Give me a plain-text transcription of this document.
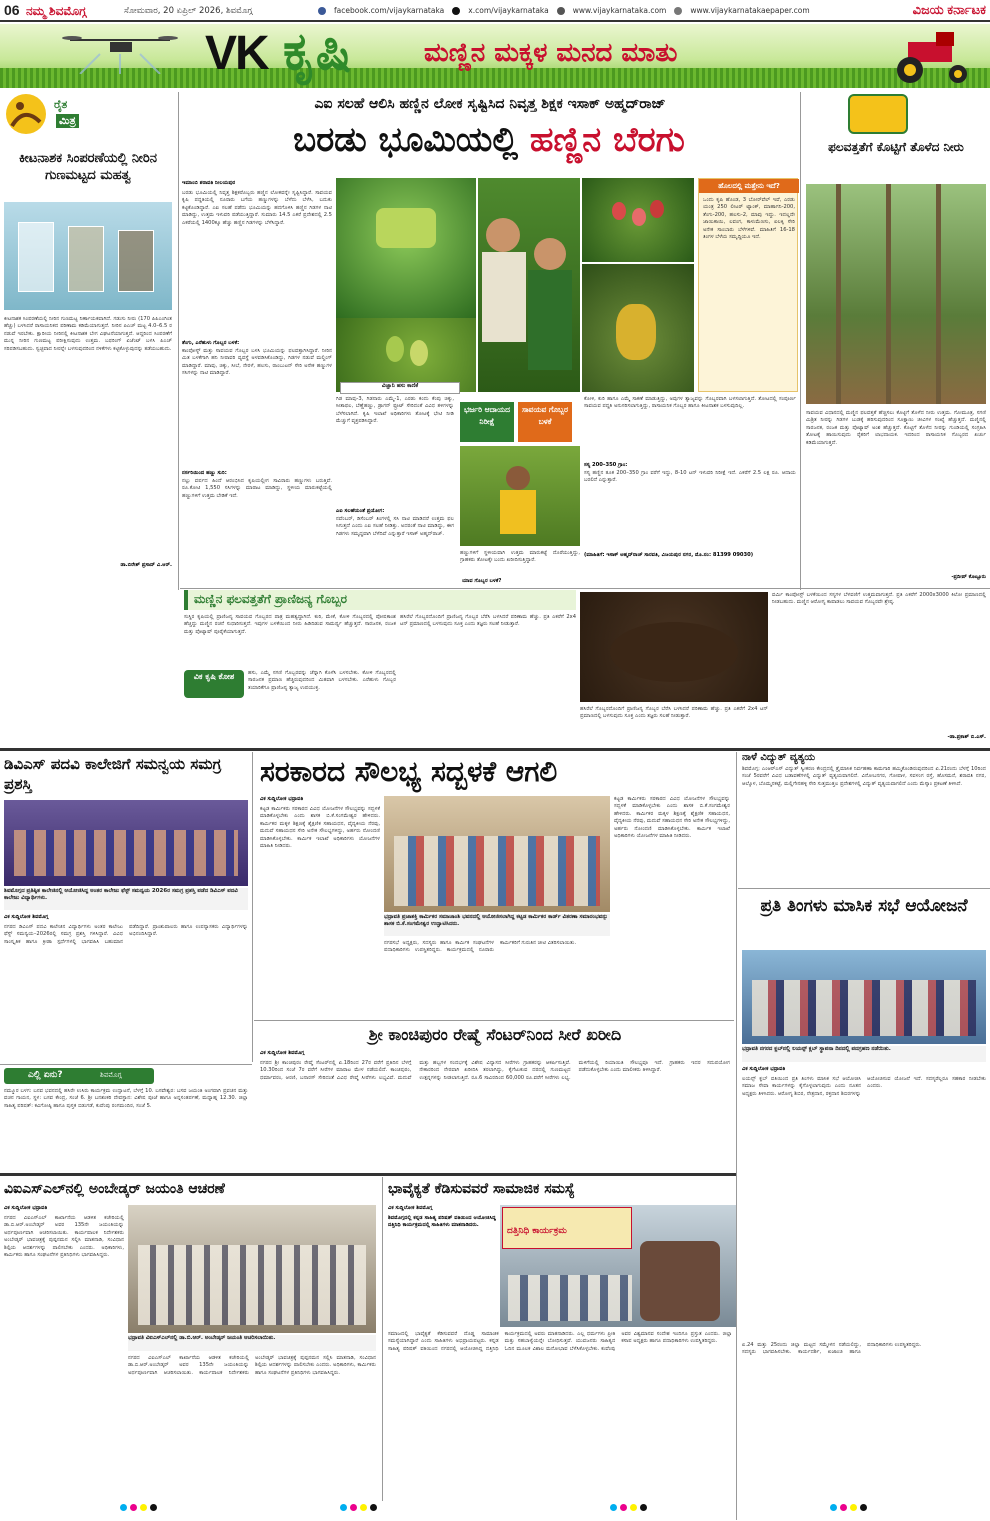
06 ನಮ್ಮ ಶಿವಮೊಗ್ಗ	ಸೋಮವಾರ, 20 ಏಪ್ರಿಲ್ 2026, ಶಿವಮೊಗ್ಗ	facebook.com/vijaykarnataka	x.com/vijaykarnataka	www.vijaykarnataka.com	www.vijaykarnatakaepaper.com	ವಿಜಯ ಕರ್ನಾಟಕ
VK ಕೃಷಿ	ಮಣ್ಣಿನ ಮಕ್ಕಳ ಮನದ ಮಾತು
ರೈತ
ಮಿತ್ರ
ಕೀಟನಾಶಕ ಸಿಂಪರಣೆಯಲ್ಲಿ ನೀರಿನ ಗುಣಮಟ್ಟದ ಮಹತ್ವ
ಕೀಟನಾಶಕ ಸಿಂಪರಣೆಯಲ್ಲಿ ನೀರಿನ ಗುಣಮಟ್ಟ ನಿರ್ಣಾಯಕವಾಗಿದೆ. ಗಡುಸು ನೀರು (170 ಪಿಪಿಎಂಗಿಂತ ಹೆಚ್ಚು) ಬಳಸಿದರೆ ರಾಸಾಯನಿಕದ ಪರಿಣಾಮ ಕಡಿಮೆಯಾಗುತ್ತದೆ. ನೀರಿನ ಪಿಎಚ್ ಮಟ್ಟ 4.0–6.5 ರ ನಡುವೆ ಇರಬೇಕು. ಕ್ಷಾರೀಯ ನೀರಿನಲ್ಲಿ ಕೀಟನಾಶಕ ಬೇಗ ವಿಘಟನೆಯಾಗುತ್ತದೆ. ಆದ್ದರಿಂದ ಸಿಂಪರಣೆಗೆ ಮುನ್ನ ನೀರಿನ ಗುಣಮಟ್ಟ ಪರೀಕ್ಷಿಸುವುದು ಉತ್ತಮ. ಬಫರಿಂಗ್ ಏಜೆಂಟ್ ಬಳಸಿ ಪಿಎಚ್ ಸರಿಪಡಿಸಬಹುದು. ಸ್ವಚ್ಛವಾದ ನೀರನ್ನೇ ಬಳಸುವುದರಿಂದ ನಳಿಕೆಗಳು ಕಟ್ಟಿಕೊಳ್ಳುವುದನ್ನು ತಡೆಯಬಹುದು.
ಡಾ.ಬಿರೇಶ್ ಪ್ರಸಾದ್ ವಿ.ಆರ್.
ಎಐ ಸಲಹೆ ಆಲಿಸಿ ಹಣ್ಣಿನ ಲೋಕ ಸೃಷ್ಟಿಸಿದ ನಿವೃತ್ತ ಶಿಕ್ಷಕ ಇಸಾಕ್ ಅಹ್ಮದ್‌ರಾಜ್
ಬರಡು ಭೂಮಿಯಲ್ಲಿ ಹಣ್ಣಿನ ಬೆರಗು
ಇಮಾಂಬಿ ಶರಾವತಿ ನೀಲಯಪುರ
ಬರಡು ಭೂಮಿಯಲ್ಲಿ ನಿವೃತ್ತ ಶಿಕ್ಷಕರೊಬ್ಬರು ಹಣ್ಣಿನ ಲೋಕವನ್ನೇ ಸೃಷ್ಟಿಸಿದ್ದಾರೆ. ಸಾವಯವ ಕೃಷಿ ಪದ್ಧತಿಯಲ್ಲಿ ನೂರಾರು ಬಗೆಯ ಹಣ್ಣುಗಳನ್ನು ಬೆಳೆದು ಬೆಳೆಸಿ, ಬದುಕು ಕಟ್ಟಿಕೊಂಡಿದ್ದಾರೆ. ಎಐ ಸಲಹೆ ಪಡೆದು ಭೂಮಿಯನ್ನು ಹದಗೊಳಿಸಿ ಹಣ್ಣಿನ ಗಿಡಗಳ ನಾಟಿ ಮಾಡಿದ್ದು, ಉತ್ತಮ ಇಳುವರಿ ಪಡೆಯುತ್ತಿದ್ದಾರೆ. ಸುಮಾರು 14.5 ಎಕರೆ ಪ್ರದೇಶದಲ್ಲಿ 2.5 ಎಕರೆಯಲ್ಲಿ 1400ಕ್ಕೂ ಹೆಚ್ಚು ಹಣ್ಣಿನ ಗಿಡಗಳನ್ನು ಬೆಳೆಸಿದ್ದಾರೆ.
ತೆಂಗು, ಎರೆಹುಳು ಗೊಬ್ಬರ ಬಳಕೆ:
ಕಾಂಪೋಸ್ಟ್ ಮತ್ತು ಸಾವಯವ ಗೊಬ್ಬರ ಬಳಸಿ ಭೂಮಿಯನ್ನು ಫಲವತ್ತಾಗಿಸಿದ್ದಾರೆ. ನೀರಿನ ಮಿತ ಬಳಕೆಗಾಗಿ ಹನಿ ನೀರಾವರಿ ವ್ಯವಸ್ಥೆ ಅಳವಡಿಸಿಕೊಂಡಿದ್ದು, ಗಿಡಗಳ ನಡುವೆ ಮಲ್ಚಿಂಗ್ ಮಾಡಿದ್ದಾರೆ. ಮಾವು, ಚಿಕ್ಕು, ಸೀಬೆ, ನೇರಳೆ, ಹಲಸು, ರಾಂಬುಟನ್ ಸೇರಿ ಅನೇಕ ಹಣ್ಣುಗಳ ಸಸಿಗಳನ್ನು ನಾಟಿ ಮಾಡಿದ್ದಾರೆ.
ನರ್ಸರಿಯಿಂದ ಹಣ್ಣು ಸುರಿ:
ನಲ್ಲು ವರ್ಷದ ಹಿಂದೆ ಆರಂಭಿಸಿದ ಕೃಷಿಯಲ್ಲೀಗ ಸಾವಿರಾರು ಹಣ್ಣುಗಳು ಬರುತ್ತಿವೆ. ರೂ.ಕೋಟಿ 1,550 ಸಸಿಗಳನ್ನು ಮಾರಾಟ ಮಾಡಿದ್ದು, ಸ್ಥಳೀಯ ಮಾರುಕಟ್ಟೆಯಲ್ಲಿ ಹಣ್ಣುಗಳಿಗೆ ಉತ್ತಮ ಬೇಡಿಕೆ ಇದೆ.
ವಿಜ್ಞಾನಿ ಹಸು ಕಾಣಿಕೆ
ಹೊಲದಲ್ಲಿ ಮತ್ತೇನು ಇದೆ?
ಒಂದು ಕೃಷಿ ಹೊಂಡ, 3 ಬೋರ್‌ವೆಲ್ ಇವೆ, ಎರಡು ಯಂತ್ರ 250 ಲೀಟರ್ ಟ್ಯಾಂಕ್, ಮಾಹಾಗನಿ-200, ತೆಂಗು-200, ಹಲಸು-2, ಮಾವು ಇದ್ದು. ಇದಲ್ಲದೇ ಜಾಯಿಕಾಯಿ, ಲವಂಗ, ಕಾಳುಮೆಣಸು, ಏಲಕ್ಕಿ ಸೇರಿ ಅನೇಕ ಸಾಂಬಾರು ಬೆಳೆಗಳಿವೆ. ಮಾಹಿತಿಗೆ 16-18 ತಿಂಗಳ ಬೆಳೆಯ ಸಮೃದ್ಧಿಯೂ ಇದೆ.
ಗಿಡ ಮಾವು-3, ಗಿಡನಾರು ಎಮ್ಮೆ-1, ಎರಡು ಕಂದು ಕೆಂಪು ಚಿಕ್ಕು, ಸೀತಾಫಲ, ಬೆಣ್ಣೆಹಣ್ಣು, ಡ್ರಾಗನ್ ಫ್ರೂಟ್ ಸೇರಿದಂತೆ ವಿವಿಧ ತಳಿಗಳನ್ನು ಬೆಳೆಸಲಾಗಿದೆ. ಕೃಷಿ ಇಲಾಖೆ ಅಧಿಕಾರಿಗಳು ತೋಟಕ್ಕೆ ಭೇಟಿ ನೀಡಿ ಮೆಚ್ಚುಗೆ ವ್ಯಕ್ತಪಡಿಸಿದ್ದಾರೆ.
ಎಐ ಸಲಹೆಯಂತೆ ಪ್ರಯೋಗ:
ನವೆಂಬರ್, ಡಿಸೆಂಬರ್ ತಿಂಗಳಲ್ಲಿ ಸಸಿ ನಾಟಿ ಮಾಡಿದರೆ ಉತ್ತಮ ಫಲ ಸಿಗುತ್ತದೆ ಎಂದು ಎಐ ಸಲಹೆ ನೀಡಿತ್ತು. ಅದರಂತೆ ನಾಟಿ ಮಾಡಿದ್ದು, ಈಗ ಗಿಡಗಳು ಸಮೃದ್ಧವಾಗಿ ಬೆಳೆದಿವೆ ಎನ್ನುತ್ತಾರೆ ಇಸಾಕ್ ಅಹ್ಮದ್‌ರಾಜ್.
ಭರ್ಜರಿ ಆದಾಯದ ನಿರೀಕ್ಷೆ
ಸಾವಯವ ಗೊಬ್ಬರ ಬಳಕೆ
ಹಣ್ಣುಗಳಿಗೆ ಸ್ಥಳೀಯವಾಗಿ ಉತ್ತಮ ಮಾರುಕಟ್ಟೆ ದೊರೆಯುತ್ತಿದ್ದು, ಗ್ರಾಹಕರು ತೋಟಕ್ಕೇ ಬಂದು ಖರೀದಿಸುತ್ತಿದ್ದಾರೆ.
ಯಾವ ಗೊಬ್ಬರ ಬಳಕೆ?
ಕೋಳಿ, ಕುರಿ ಹಾಗೂ ಎಮ್ಮೆ ಸಾಕಣೆ ಮಾಡುತ್ತಿದ್ದು, ಅವುಗಳ ತ್ಯಾಜ್ಯವನ್ನು ಗೊಬ್ಬರವಾಗಿ ಬಳಸಲಾಗುತ್ತಿದೆ. ತೋಟದಲ್ಲಿ ಸಂಪೂರ್ಣ ಸಾವಯವ ಪದ್ಧತಿ ಅನುಸರಿಸಲಾಗುತ್ತಿದ್ದು, ರಾಸಾಯನಿಕ ಗೊಬ್ಬರ ಹಾಗೂ ಕೀಟನಾಶಕ ಬಳಸುವುದಿಲ್ಲ.
ಸಸ್ಯ 200–350 ಗ್ರಾಂ:
ಸಸ್ಯ ಹಣ್ಣಿನ ತೂಕ 200–350 ಗ್ರಾಂ ವರೆಗೆ ಇದ್ದು, 8-10 ಟನ್ ಇಳುವರಿ ನಿರೀಕ್ಷೆ ಇದೆ. ಎಕರೆಗೆ 2.5 ಲಕ್ಷ ರೂ. ಆದಾಯ ಬರಲಿದೆ ಎನ್ನುತ್ತಾರೆ.
(ಮಾಹಿತಿಗೆ: ಇಸಾಕ್ ಅಹ್ಮದ್‌ರಾಜ್ ಸಾರವತಿ, ವಿಜಯಪುರ ನಗರ, ಮೊ.ನಂ: 81399 09030)
ಫಲವತ್ತತೆಗೆ ಕೊಟ್ಟಿಗೆ ತೊಳೆದ ನೀರು
ಸಾವಯವ ವಿಧಾನದಲ್ಲಿ ಮಣ್ಣಿನ ಫಲವತ್ತತೆ ಹೆಚ್ಚಿಸಲು ಕೊಟ್ಟಿಗೆ ತೊಳೆದ ನೀರು ಉತ್ತಮ. ಗೋಮೂತ್ರ, ಸಗಣಿ ಮಿಶ್ರಿತ ನೀರನ್ನು ಗಿಡಗಳ ಬುಡಕ್ಕೆ ಹರಿಸುವುದರಿಂದ ಸೂಕ್ಷ್ಮಾಣು ಜೀವಿಗಳ ಸಂಖ್ಯೆ ಹೆಚ್ಚುತ್ತದೆ. ಮಣ್ಣಿನಲ್ಲಿ ಸಾರಜನಕ, ರಂಜಕ ಮತ್ತು ಪೊಟ್ಯಾಷ್ ಅಂಶ ಹೆಚ್ಚುತ್ತದೆ. ಕೊಟ್ಟಿಗೆ ತೊಳೆದ ನೀರನ್ನು ಗುಂಡಿಯಲ್ಲಿ ಸಂಗ್ರಹಿಸಿ ತೋಟಕ್ಕೆ ಹಾಯಿಸುವುದು ರೈತರಿಗೆ ಲಾಭದಾಯಕ. ಇದರಿಂದ ರಾಸಾಯನಿಕ ಗೊಬ್ಬರದ ಖರ್ಚು ಕಡಿಮೆಯಾಗುತ್ತದೆ.
-ಪ್ರದೀಪ್ ಕೊಟ್ಟೂರು
ಮಣ್ಣಿನ ಫಲವತ್ತತೆಗೆ ಪ್ರಾಣಿಜನ್ಯ ಗೊಬ್ಬರ
ಸುಸ್ಥಿರ ಕೃಷಿಯಲ್ಲಿ ಪ್ರಾಣಿಜನ್ಯ ಸಾವಯವ ಗೊಬ್ಬರದ ಪಾತ್ರ ಮಹತ್ವದ್ದಾಗಿದೆ. ಕುರಿ, ಮೇಕೆ, ಕೋಳಿ ಗೊಬ್ಬರದಲ್ಲಿ ಪೋಷಕಾಂಶ ಹೆಚ್ಚಿದ್ದು ಮಣ್ಣಿನ ರಚನೆ ಸುಧಾರಿಸುತ್ತದೆ. ಇವುಗಳ ಬಳಕೆಯಿಂದ ನೀರು ಹಿಡಿದಿಡುವ ಸಾಮರ್ಥ್ಯ ಹೆಚ್ಚುತ್ತದೆ. ಸಾರಜನಕ, ರಂಜಕ ಮತ್ತು ಪೊಟ್ಯಾಷ್ ಪೂರೈಕೆಯಾಗುತ್ತದೆ.
ವಿಕ ಕೃಷಿ ಕೋಶ	ಹಸು, ಎಮ್ಮೆ ಸಗಣಿ ಗೊಬ್ಬರವನ್ನು ಚೆನ್ನಾಗಿ ಕೊಳೆಸಿ ಬಳಸಬೇಕು. ಕೋಳಿ ಗೊಬ್ಬರದಲ್ಲಿ ಸಾರಜನಕ ಪ್ರಮಾಣ ಹೆಚ್ಚಿರುವುದರಿಂದ ಮಿತವಾಗಿ ಬಳಸಬೇಕು. ಎರೆಹುಳು ಗೊಬ್ಬರ ತಯಾರಿಕೆಗೂ ಪ್ರಾಣಿಜನ್ಯ ತ್ಯಾಜ್ಯ ಉಪಯುಕ್ತ.
ಹಸಿರೆಲೆ ಗೊಬ್ಬರದೊಂದಿಗೆ ಪ್ರಾಣಿಜನ್ಯ ಗೊಬ್ಬರ ಬೆರೆಸಿ ಬಳಸಿದರೆ ಪರಿಣಾಮ ಹೆಚ್ಚು. ಪ್ರತಿ ಎಕರೆಗೆ 2x4 ಟನ್ ಪ್ರಮಾಣದಲ್ಲಿ ಬಳಸುವುದು ಸೂಕ್ತ ಎಂದು ತಜ್ಞರು ಸಲಹೆ ನೀಡುತ್ತಾರೆ.
ಹಸಿರೆಲೆ ಗೊಬ್ಬರದೊಂದಿಗೆ ಪ್ರಾಣಿಜನ್ಯ ಗೊಬ್ಬರ ಬೆರೆಸಿ ಬಳಸಿದರೆ ಪರಿಣಾಮ ಹೆಚ್ಚು. ಪ್ರತಿ ಎಕರೆಗೆ 2x4 ಟನ್ ಪ್ರಮಾಣದಲ್ಲಿ ಬಳಸುವುದು ಸೂಕ್ತ ಎಂದು ತಜ್ಞರು ಸಲಹೆ ನೀಡುತ್ತಾರೆ.
ವರ್ಮಿ ಕಾಂಪೋಸ್ಟ್ ಬಳಕೆಯಿಂದ ಸಸ್ಯಗಳ ಬೆಳವಣಿಗೆ ಉತ್ತಮವಾಗುತ್ತದೆ. ಪ್ರತಿ ಎಕರೆಗೆ 2000x3000 ಕಿಲೋ ಪ್ರಮಾಣದಲ್ಲಿ ನೀಡಬಹುದು. ಮಣ್ಣಿನ ಆರೋಗ್ಯ ಕಾಪಾಡಲು ಸಾವಯವ ಗೊಬ್ಬರವೇ ಶ್ರೇಷ್ಠ.
-ಡಾ.ಪ್ರಕಾಶ್ ಬಿ.ಎಸ್.
ಡಿವಿಎಸ್ ಪದವಿ ಕಾಲೇಜಿಗೆ ಸಮನ್ವಯ ಸಮಗ್ರ ಪ್ರಶಸ್ತಿ
ಶಿವಮೊಗ್ಗದ ಪ್ರತಿಷ್ಠಿತ ಕಾಲೇಜಿನಲ್ಲಿ ಆಯೋಜಿಸಿದ್ದ ಅಂತರ ಕಾಲೇಜು ಫೆಸ್ಟ್ ಸಮನ್ವಯ 2026ರ ಸಮಗ್ರ ಪ್ರಶಸ್ತಿ ಪಡೆದ ಡಿವಿಎಸ್ ಪದವಿ ಕಾಲೇಜು ವಿದ್ಯಾರ್ಥಿಗಳು.
ವಿಕ ಸುದ್ದಿಲೋಕ ಶಿವಮೊಗ್ಗ
ನಗರದ ಡಿವಿಎಸ್ ಪದವಿ ಕಾಲೇಜಿನ ವಿದ್ಯಾರ್ಥಿಗಳು ಅಂತರ ಕಾಲೇಜು ಫೆಸ್ಟ್ ಸಮನ್ವಯ–2026ರಲ್ಲಿ ಸಮಗ್ರ ಪ್ರಶಸ್ತಿ ಗಳಿಸಿದ್ದಾರೆ. ವಿವಿಧ ಸಾಂಸ್ಕೃತಿಕ ಹಾಗೂ ಕ್ರೀಡಾ ಸ್ಪರ್ಧೆಗಳಲ್ಲಿ ಭಾಗವಹಿಸಿ ಬಹುಮಾನ ಪಡೆದಿದ್ದಾರೆ. ಪ್ರಾಂಶುಪಾಲರು ಹಾಗೂ ಉಪನ್ಯಾಸಕರು ವಿದ್ಯಾರ್ಥಿಗಳನ್ನು ಅಭಿನಂದಿಸಿದ್ದಾರೆ.
ಸರಕಾರದ ಸೌಲಭ್ಯ ಸದ್ಬಳಕೆ ಆಗಲಿ
ವಿಕ ಸುದ್ದಿಲೋಕ ಭದ್ರಾವತಿ
ಕಟ್ಟಡ ಕಾರ್ಮಿಕರು ಸರಕಾರದ ವಿವಿಧ ಯೋಜನೆಗಳ ಸೌಲಭ್ಯವನ್ನು ಸದ್ಬಳಕೆ ಮಾಡಿಕೊಳ್ಳಬೇಕು ಎಂದು ಶಾಸಕ ಬಿ.ಕೆ.ಸಂಗಮೇಶ್ವರ ಹೇಳಿದರು. ಕಾರ್ಮಿಕರ ಮಕ್ಕಳ ಶಿಕ್ಷಣಕ್ಕೆ ಶೈಕ್ಷಣಿಕ ಸಹಾಯಧನ, ವೈದ್ಯಕೀಯ ನೆರವು, ಮದುವೆ ಸಹಾಯಧನ ಸೇರಿ ಅನೇಕ ಸೌಲಭ್ಯಗಳಿದ್ದು, ಅರ್ಹರು ನೋಂದಣಿ ಮಾಡಿಸಿಕೊಳ್ಳಬೇಕು. ಕಾರ್ಮಿಕ ಇಲಾಖೆ ಅಧಿಕಾರಿಗಳು ಯೋಜನೆಗಳ ಮಾಹಿತಿ ನೀಡಿದರು.
ಭದ್ರಾವತಿ ಪ್ರಜಾಶಕ್ತಿ ಕಾರ್ಮಿಕರ ಸಮಾಜಾಂಶಿ ಭವನದಲ್ಲಿ ಆಯೋಜಿಸಲಾಗಿದ್ದ ಕಟ್ಟಡ ಕಾರ್ಮಿಕರ ಕಾರ್ಡ್ ವಿತರಣಾ ಸಮಾರಂಭವನ್ನು ಶಾಸಕ ಬಿ.ಕೆ.ಸಂಗಮೇಶ್ವರ ಉದ್ಘಾಟಿಸಿದರು.
ನಗರಸಭೆ ಅಧ್ಯಕ್ಷರು, ಸದಸ್ಯರು ಹಾಗೂ ಕಾರ್ಮಿಕ ಸಂಘಟನೆಗಳ ಪದಾಧಿಕಾರಿಗಳು ಉಪಸ್ಥಿತರಿದ್ದರು. ಕಾರ್ಯಕ್ರಮದಲ್ಲಿ ನೂರಾರು ಕಾರ್ಮಿಕರಿಗೆ ಗುರುತಿನ ಚೀಟಿ ವಿತರಿಸಲಾಯಿತು.
ಕಟ್ಟಡ ಕಾರ್ಮಿಕರು ಸರಕಾರದ ವಿವಿಧ ಯೋಜನೆಗಳ ಸೌಲಭ್ಯವನ್ನು ಸದ್ಬಳಕೆ ಮಾಡಿಕೊಳ್ಳಬೇಕು ಎಂದು ಶಾಸಕ ಬಿ.ಕೆ.ಸಂಗಮೇಶ್ವರ ಹೇಳಿದರು. ಕಾರ್ಮಿಕರ ಮಕ್ಕಳ ಶಿಕ್ಷಣಕ್ಕೆ ಶೈಕ್ಷಣಿಕ ಸಹಾಯಧನ, ವೈದ್ಯಕೀಯ ನೆರವು, ಮದುವೆ ಸಹಾಯಧನ ಸೇರಿ ಅನೇಕ ಸೌಲಭ್ಯಗಳಿದ್ದು, ಅರ್ಹರು ನೋಂದಣಿ ಮಾಡಿಸಿಕೊಳ್ಳಬೇಕು. ಕಾರ್ಮಿಕ ಇಲಾಖೆ ಅಧಿಕಾರಿಗಳು ಯೋಜನೆಗಳ ಮಾಹಿತಿ ನೀಡಿದರು.
ನಾಳೆ ವಿದ್ಯುತ್ ವ್ಯತ್ಯಯ
ಶಿವಮೊಗ್ಗ: ಎಂಆರ್‌ಎಸ್ ವಿದ್ಯುತ್ ಸ್ವೀಕರಣ ಕೇಂದ್ರದಲ್ಲಿ ತ್ರೈಮಾಸಿಕ ನಿರ್ವಹಣಾ ಕಾಮಗಾರಿ ಹಮ್ಮಿಕೊಂಡಿರುವುದರಿಂದ ಏ.21ರಂದು ಬೆಳಗ್ಗೆ 10ರಿಂದ ಸಂಜೆ 5ರವರೆಗೆ ವಿವಿಧ ಬಡಾವಣೆಗಳಲ್ಲಿ ವಿದ್ಯುತ್ ವ್ಯತ್ಯಯವಾಗಲಿದೆ. ವಿನೋಬನಗರ, ಗೋಪಾಳ, ಸವಳಂಗ ರಸ್ತೆ, ಹೊಸಮನೆ, ಶರಾವತಿ ನಗರ, ಆಲ್ಕೊಳ, ಬೊಮ್ಮನಕಟ್ಟೆ, ಮಲ್ಲಿಗೇನಹಳ್ಳಿ ಸೇರಿ ಸುತ್ತಮುತ್ತಲ ಪ್ರದೇಶಗಳಲ್ಲಿ ವಿದ್ಯುತ್ ವ್ಯತ್ಯಯವಾಗಲಿದೆ ಎಂದು ಮೆಸ್ಕಾಂ ಪ್ರಕಟಣೆ ತಿಳಿಸಿದೆ.
ಪ್ರತಿ ತಿಂಗಳು ಮಾಸಿಕ ಸಭೆ ಆಯೋಜನೆ
ಭದ್ರಾವತಿ ನಗರದ ಕ್ಲಬ್‌ನಲ್ಲಿ ಲಯನ್ಸ್ ಕ್ಲಬ್ ಸ್ಥಾಪನಾ ದಿನದಲ್ಲಿ ಪದಗ್ರಹಣ ನಡೆಯಿತು.
ವಿಕ ಸುದ್ದಿಲೋಕ ಭದ್ರಾವತಿ
ಲಯನ್ಸ್ ಕ್ಲಬ್ ವತಿಯಿಂದ ಪ್ರತಿ ತಿಂಗಳು ಮಾಸಿಕ ಸಭೆ ಆಯೋಜಿಸಿ ಸಮಾಜ ಸೇವಾ ಕಾರ್ಯಗಳನ್ನು ಕೈಗೊಳ್ಳಲಾಗುವುದು ಎಂದು ನೂತನ ಅಧ್ಯಕ್ಷರು ತಿಳಿಸಿದರು. ಆರೋಗ್ಯ ಶಿಬಿರ, ನೇತ್ರದಾನ, ರಕ್ತದಾನ ಶಿಬಿರಗಳನ್ನು ಆಯೋಜಿಸುವ ಯೋಜನೆ ಇದೆ. ಸದಸ್ಯರೆಲ್ಲರೂ ಸಹಕಾರ ನೀಡಬೇಕು ಎಂದರು.
ಏ.24 ಮತ್ತು 25ರಂದು ಜಿಲ್ಲಾ ಮಟ್ಟದ ಸಮ್ಮೇಳನ ನಡೆಯಲಿದ್ದು, ಸದಸ್ಯರು ಭಾಗವಹಿಸಬೇಕು. ಕಾರ್ಯದರ್ಶಿ, ಖಜಾಂಚಿ ಹಾಗೂ ಪದಾಧಿಕಾರಿಗಳು ಉಪಸ್ಥಿತರಿದ್ದರು.
ಶ್ರೀ ಕಾಂಚಿಪುರಂ ರೇಷ್ಮೆ ಸೆಂಟರ್‌ನಿಂದ ಸೀರೆ ಖರೀದಿ
ವಿಕ ಸುದ್ದಿಲೋಕ ಶಿವಮೊಗ್ಗ
ನಗರದ ಶ್ರೀ ಕಾಂಚಿಪುರಂ ರೇಷ್ಮೆ ಸೆಂಟರ್‌ನಲ್ಲಿ ಏ.18ರಿಂದ 27ರ ವರೆಗೆ ಪ್ರತಿದಿನ ಬೆಳಗ್ಗೆ 10.30ರಿಂದ ಸಂಜೆ 7ರ ವರೆಗೆ ಸೀರೆಗಳ ಮಾರಾಟ ಮೇಳ ನಡೆಯಲಿದೆ. ಕಾಂಚಿಪುರಂ, ಧರ್ಮಾವರಂ, ಆರಣಿ, ಬನಾರಸ್ ಸೇರಿದಂತೆ ವಿವಿಧ ರೇಷ್ಮೆ ಸೀರೆಗಳು ಲಭ್ಯವಿವೆ. ಮದುವೆ ಮತ್ತು ಹಬ್ಬಗಳ ಸಂದರ್ಭಕ್ಕೆ ವಿಶೇಷ ವಿನ್ಯಾಸದ ಸೀರೆಗಳು ಗ್ರಾಹಕರನ್ನು ಆಕರ್ಷಿಸುತ್ತಿವೆ. ನೇಕಾರರಿಂದ ನೇರವಾಗಿ ಖರೀದಿಸಿ ತರಲಾಗಿದ್ದು, ಕೈಗೆಟುಕುವ ದರದಲ್ಲಿ ಗುಣಮಟ್ಟದ ಉತ್ಪನ್ನಗಳನ್ನು ನೀಡಲಾಗುತ್ತಿದೆ. ರೂ.6 ಸಾವಿರದಿಂದ 60,000 ರೂ.ವರೆಗೆ ಸೀರೆಗಳು ಲಭ್ಯ. ಮಳಿಗೆಯಲ್ಲಿ ರಿಯಾಯಿತಿ ಸೌಲಭ್ಯವೂ ಇದೆ. ಗ್ರಾಹಕರು ಇದರ ಸದುಪಯೋಗ ಪಡೆದುಕೊಳ್ಳಬೇಕು ಎಂದು ಮಾಲೀಕರು ತಿಳಿಸಿದ್ದಾರೆ.
ಎಲ್ಲಿ ಏನು?	ಶಿವಮೊಗ್ಗ
ನಮ್ಮೂರ ಬಳಗ: ಬನವ ಭವನದಲ್ಲಿ ಹಸಿರೇ ಉಸಿರು ಕಾರ್ಯಕ್ರಮ ಉದ್ಘಾಟನೆ, ಬೆಳಗ್ಗೆ 10. ಬಸವೇಶ್ವರ: ಬಸವ ಜಯಂತಿ ಅಂಗವಾಗಿ ಪ್ರವಚನ ಮತ್ತು ವಚನ ಗಾಯನ, ಸ್ಥಳ: ಬಸವ ಕೇಂದ್ರ, ಸಂಜೆ 6. ಶ್ರೀ ಬನಶಂಕರಿ ದೇವಸ್ಥಾನ: ವಿಶೇಷ ಪೂಜೆ ಹಾಗೂ ಅನ್ನಸಂತರ್ಪಣೆ, ಮಧ್ಯಾಹ್ನ 12.30. ಜಿಲ್ಲಾ ಸಾಹಿತ್ಯ ಪರಿಷತ್: ಕವಿಗೋಷ್ಠಿ ಹಾಗೂ ಪುಸ್ತಕ ಬಿಡುಗಡೆ, ಕುವೆಂಪು ರಂಗಮಂದಿರ, ಸಂಜೆ 5.
ವಿಐಎಸ್‌ಎಲ್‌ನಲ್ಲಿ ಅಂಬೇಡ್ಕರ್ ಜಯಂತಿ ಆಚರಣೆ
ವಿಕ ಸುದ್ದಿಲೋಕ ಭದ್ರಾವತಿ
ನಗರದ ವಿಐಎಸ್‌ಎಲ್ ಕಾರ್ಖಾನೆಯ ಆಡಳಿತ ಕಚೇರಿಯಲ್ಲಿ ಡಾ.ಬಿ.ಆರ್.ಅಂಬೇಡ್ಕರ್ ಅವರ 135ನೇ ಜಯಂತಿಯನ್ನು ಅರ್ಥಪೂರ್ಣವಾಗಿ ಆಚರಿಸಲಾಯಿತು. ಕಾರ್ಯಪಾಲಕ ನಿರ್ದೇಶಕರು ಅಂಬೇಡ್ಕರ್ ಭಾವಚಿತ್ರಕ್ಕೆ ಪುಷ್ಪನಮನ ಸಲ್ಲಿಸಿ ಮಾತನಾಡಿ, ಸಂವಿಧಾನ ಶಿಲ್ಪಿಯ ಆದರ್ಶಗಳನ್ನು ಪಾಲಿಸಬೇಕು ಎಂದರು. ಅಧಿಕಾರಿಗಳು, ಕಾರ್ಮಿಕರು ಹಾಗೂ ಸಂಘಟನೆಗಳ ಪ್ರತಿನಿಧಿಗಳು ಭಾಗವಹಿಸಿದ್ದರು.
ಭದ್ರಾವತಿ ವಿಐಎಸ್‌ಎಲ್‌ನಲ್ಲಿ ಡಾ.ಬಿ.ಆರ್. ಅಂಬೇಡ್ಕರ್ ಜಯಂತಿ ಆಚರಿಸಲಾಯಿತು.
ನಗರದ ವಿಐಎಸ್‌ಎಲ್ ಕಾರ್ಖಾನೆಯ ಆಡಳಿತ ಕಚೇರಿಯಲ್ಲಿ ಡಾ.ಬಿ.ಆರ್.ಅಂಬೇಡ್ಕರ್ ಅವರ 135ನೇ ಜಯಂತಿಯನ್ನು ಅರ್ಥಪೂರ್ಣವಾಗಿ ಆಚರಿಸಲಾಯಿತು. ಕಾರ್ಯಪಾಲಕ ನಿರ್ದೇಶಕರು ಅಂಬೇಡ್ಕರ್ ಭಾವಚಿತ್ರಕ್ಕೆ ಪುಷ್ಪನಮನ ಸಲ್ಲಿಸಿ ಮಾತನಾಡಿ, ಸಂವಿಧಾನ ಶಿಲ್ಪಿಯ ಆದರ್ಶಗಳನ್ನು ಪಾಲಿಸಬೇಕು ಎಂದರು. ಅಧಿಕಾರಿಗಳು, ಕಾರ್ಮಿಕರು ಹಾಗೂ ಸಂಘಟನೆಗಳ ಪ್ರತಿನಿಧಿಗಳು ಭಾಗವಹಿಸಿದ್ದರು.
ಭಾವೈಕ್ಯತೆ ಕೆಡಿಸುವವರೆ ಸಾಮಾಜಿಕ ಸಮಸ್ಯೆ
ವಿಕ ಸುದ್ದಿಲೋಕ ಶಿವಮೊಗ್ಗ
ದತ್ತಿನಿಧಿ ಕಾರ್ಯಕ್ರಮ
ಶಿವಮೊಗ್ಗದಲ್ಲಿ ಕನ್ನಡ ಸಾಹಿತ್ಯ ಪರಿಷತ್ ವತಿಯಿಂದ ಆಯೋಜಿಸಿದ್ದ ದತ್ತಿನಿಧಿ ಕಾರ್ಯಕ್ರಮದಲ್ಲಿ ಸಾಹಿತಿಗಳು ಮಾತನಾಡಿದರು.
ಸಮಾಜದಲ್ಲಿ ಭಾವೈಕ್ಯತೆ ಕೆಡಿಸುವವರೆ ದೊಡ್ಡ ಸಾಮಾಜಿಕ ಸಮಸ್ಯೆಯಾಗಿದ್ದಾರೆ ಎಂದು ಸಾಹಿತಿಗಳು ಅಭಿಪ್ರಾಯಪಟ್ಟರು. ಕನ್ನಡ ಸಾಹಿತ್ಯ ಪರಿಷತ್ ವತಿಯಿಂದ ನಗರದಲ್ಲಿ ಆಯೋಜಿಸಿದ್ದ ದತ್ತಿನಿಧಿ ಕಾರ್ಯಕ್ರಮದಲ್ಲಿ ಅವರು ಮಾತನಾಡಿದರು. ಎಲ್ಲ ಧರ್ಮಗಳು ಪ್ರೀತಿ ಮತ್ತು ಸಹಬಾಳ್ವೆಯನ್ನೇ ಬೋಧಿಸುತ್ತವೆ. ಯುವಜನರು ಸಾಹಿತ್ಯದ ಓದಿನ ಮೂಲಕ ವಿಶಾಲ ಮನೋಭಾವ ಬೆಳೆಸಿಕೊಳ್ಳಬೇಕು. ಕುವೆಂಪು ಅವರ ವಿಶ್ವಮಾನವ ಸಂದೇಶ ಇಂದಿಗೂ ಪ್ರಸ್ತುತ ಎಂದರು. ಜಿಲ್ಲಾ ಕಸಾಪ ಅಧ್ಯಕ್ಷರು ಹಾಗೂ ಪದಾಧಿಕಾರಿಗಳು ಉಪಸ್ಥಿತರಿದ್ದರು.
